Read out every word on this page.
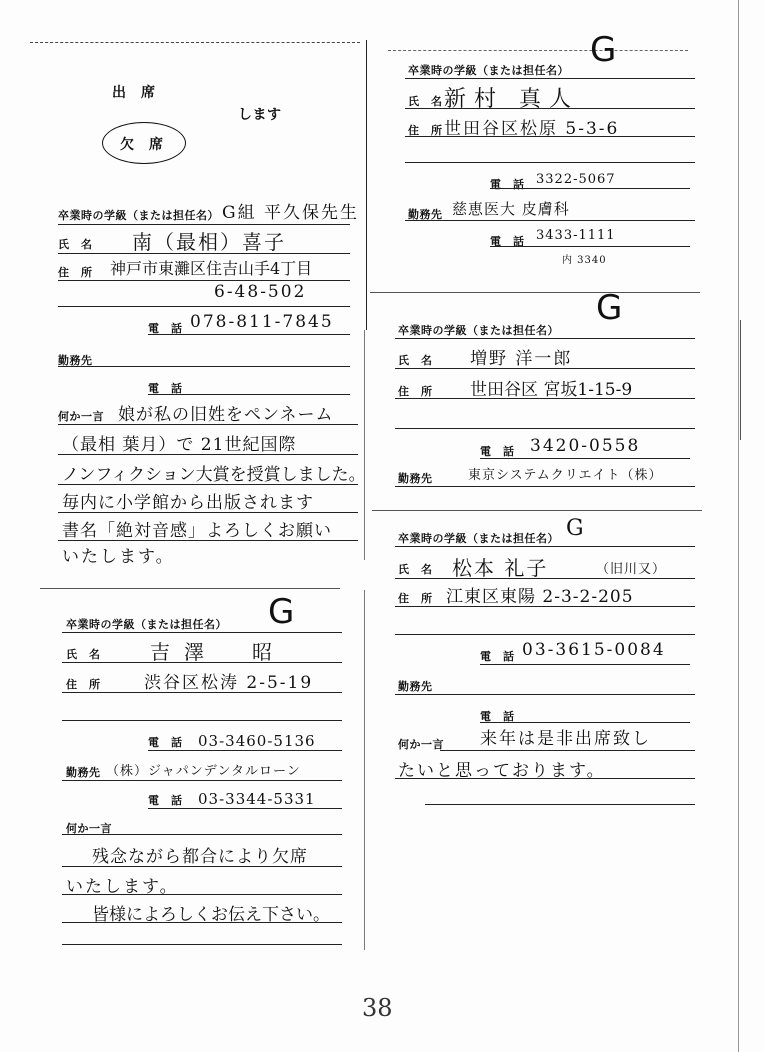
出　席
します
欠　席
卒業時の学級（または担任名） G組 平久保先生
氏　名 南（最相）喜子
住　所 神戸市東灘区住吉山手4丁目
6-48-502
電　話 078-811-7845
勤務先
電　話
何か一言 娘が私の旧姓をペンネーム
（最相 葉月）で 21世紀国際
ノンフィクション大賞を授賞しました。
毎内に小学館から出版されます
書名「絶対音感」よろしくお願い
いたします。
卒業時の学級（または担任名）
G
氏　名 新村 真人
住　所 世田谷区松原 5-3-6
電　話 3322-5067
勤務先 慈恵医大 皮膚科
電　話 3433-1111
内 3340
卒業時の学級（または担任名）
G
氏　名 増野 洋一郎
住　所 世田谷区 宮坂1-15-9
電　話 3420-0558
勤務先	東京システムクリエイト（株）
卒業時の学級（または担任名） G
氏　名 松本 礼子	（旧川又）
住　所 江東区東陽 2-3-2-205
電　話 03-3615-0084
勤務先
電　話
何か一言 来年は是非出席致し
たいと思っております。
卒業時の学級（または担任名） G
氏　名 吉澤　昭
住　所	渋谷区松涛 2-5-19
電　話 03-3460-5136
勤務先 （株）ジャパンデンタルローン
電　話 03-3344-5331
何か一言
残念ながら都合により欠席
いたします。
皆様によろしくお伝え下さい。
38
